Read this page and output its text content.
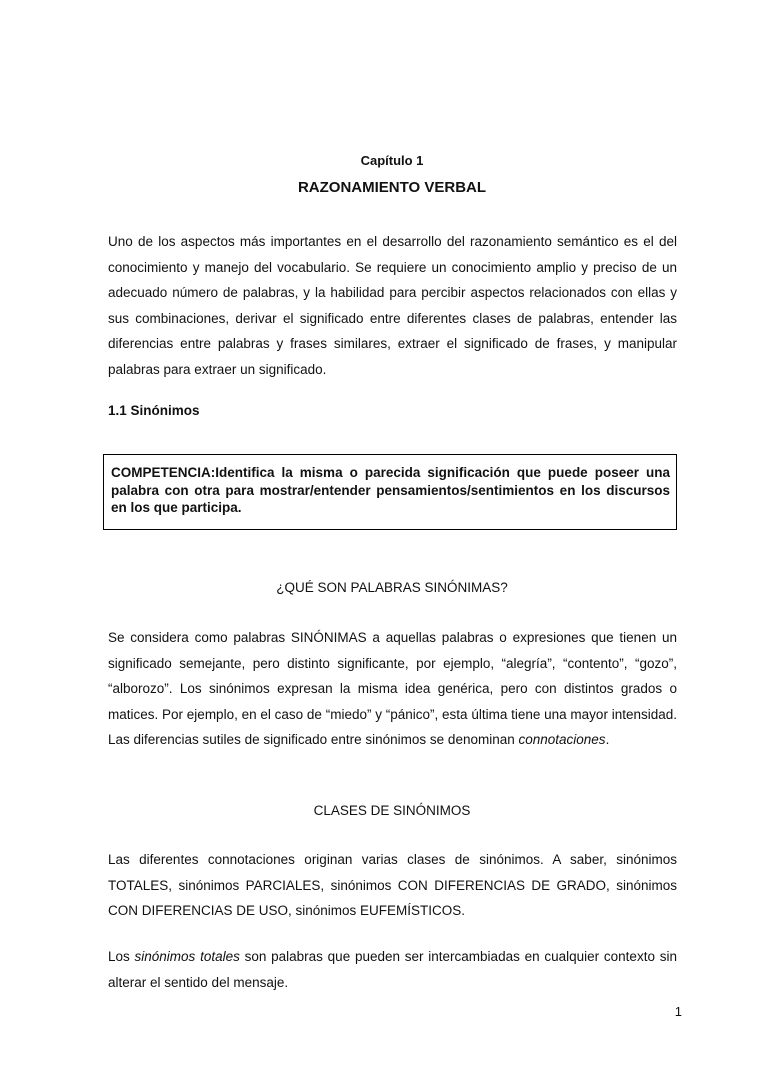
Capítulo 1
RAZONAMIENTO VERBAL
Uno de los aspectos más importantes en el desarrollo del razonamiento semántico es el del conocimiento y manejo del vocabulario. Se requiere un conocimiento amplio y preciso de un adecuado número de palabras, y la habilidad para percibir aspectos relacionados con ellas y sus combinaciones, derivar el significado entre diferentes clases de palabras, entender las diferencias entre palabras y frases similares, extraer el significado de frases, y manipular palabras para extraer un significado.
1.1 Sinónimos
COMPETENCIA:Identifica la misma o parecida significación que puede poseer una palabra con otra para mostrar/entender pensamientos/sentimientos en los discursos en los que participa.
¿QUÉ SON PALABRAS SINÓNIMAS?
Se considera como palabras SINÓNIMAS a aquellas palabras o expresiones que tienen un significado semejante, pero distinto significante, por ejemplo, “alegría”, “contento”, “gozo”, “alborozo”. Los sinónimos expresan la misma idea genérica, pero con distintos grados o matices. Por ejemplo, en el caso de “miedo” y “pánico”, esta última tiene una mayor intensidad. Las diferencias sutiles de significado entre sinónimos se denominan connotaciones.
CLASES DE SINÓNIMOS
Las diferentes connotaciones originan varias clases de sinónimos. A saber, sinónimos TOTALES, sinónimos PARCIALES, sinónimos CON DIFERENCIAS DE GRADO, sinónimos CON DIFERENCIAS DE USO, sinónimos EUFEMÍSTICOS.
Los sinónimos totales son palabras que pueden ser intercambiadas en cualquier contexto sin alterar el sentido del mensaje.
1
